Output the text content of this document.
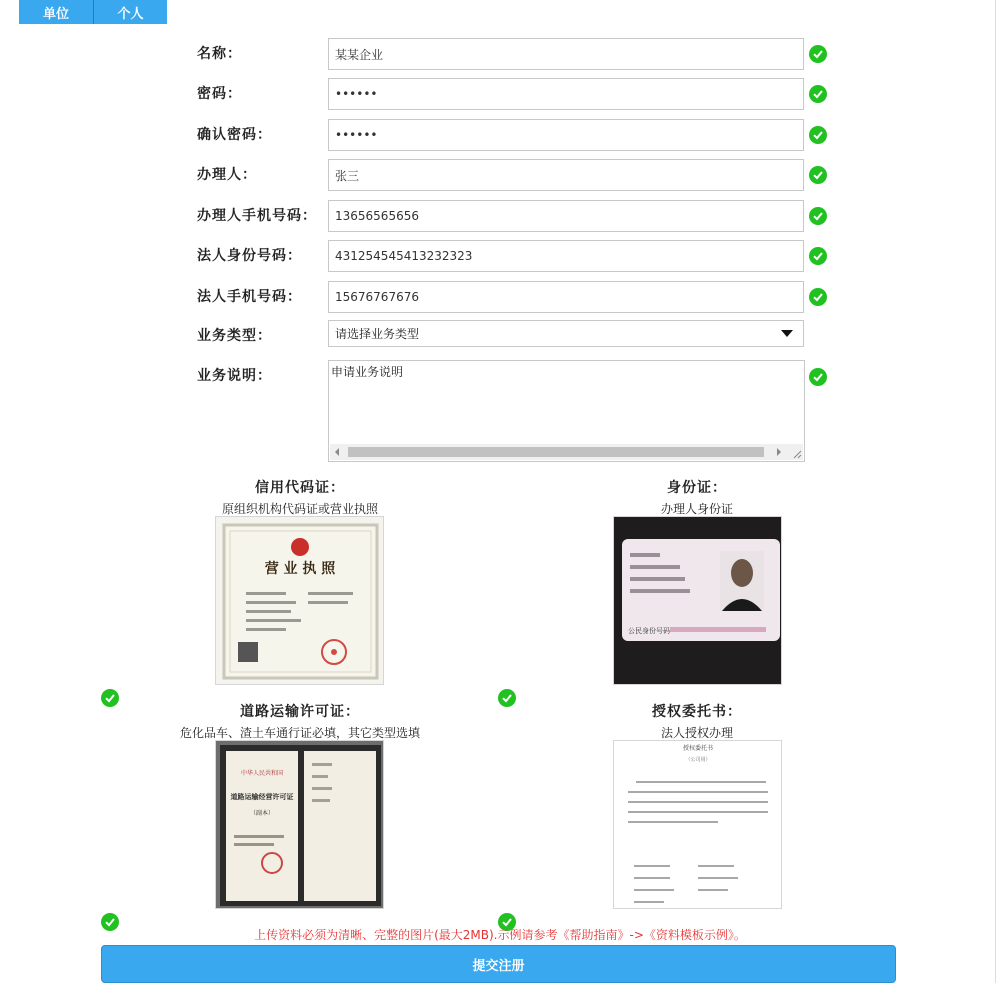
单位	个人
名称：	某某企业
密码：	••••••
确认密码：	••••••
办理人：	张三
办理人手机号码：	13656565656
法人身份号码：	431254545413232323
法人手机号码：	15676767676
业务类型：	请选择业务类型
业务说明：	申请业务说明
信用代码证：
原组织机构代码证或营业执照
营 业 执 照
身份证：
办理人身份证
公民身份号码
道路运输许可证：
危化品车、渣土车通行证必填，其它类型选填
中华人民共和国
道路运输经营许可证
（副本）
授权委托书：
法人授权办理
授权委托书
（公司用）
上传资料必须为清晰、完整的图片(最大2MB).示例请参考《帮助指南》->《资料模板示例》。
提交注册
